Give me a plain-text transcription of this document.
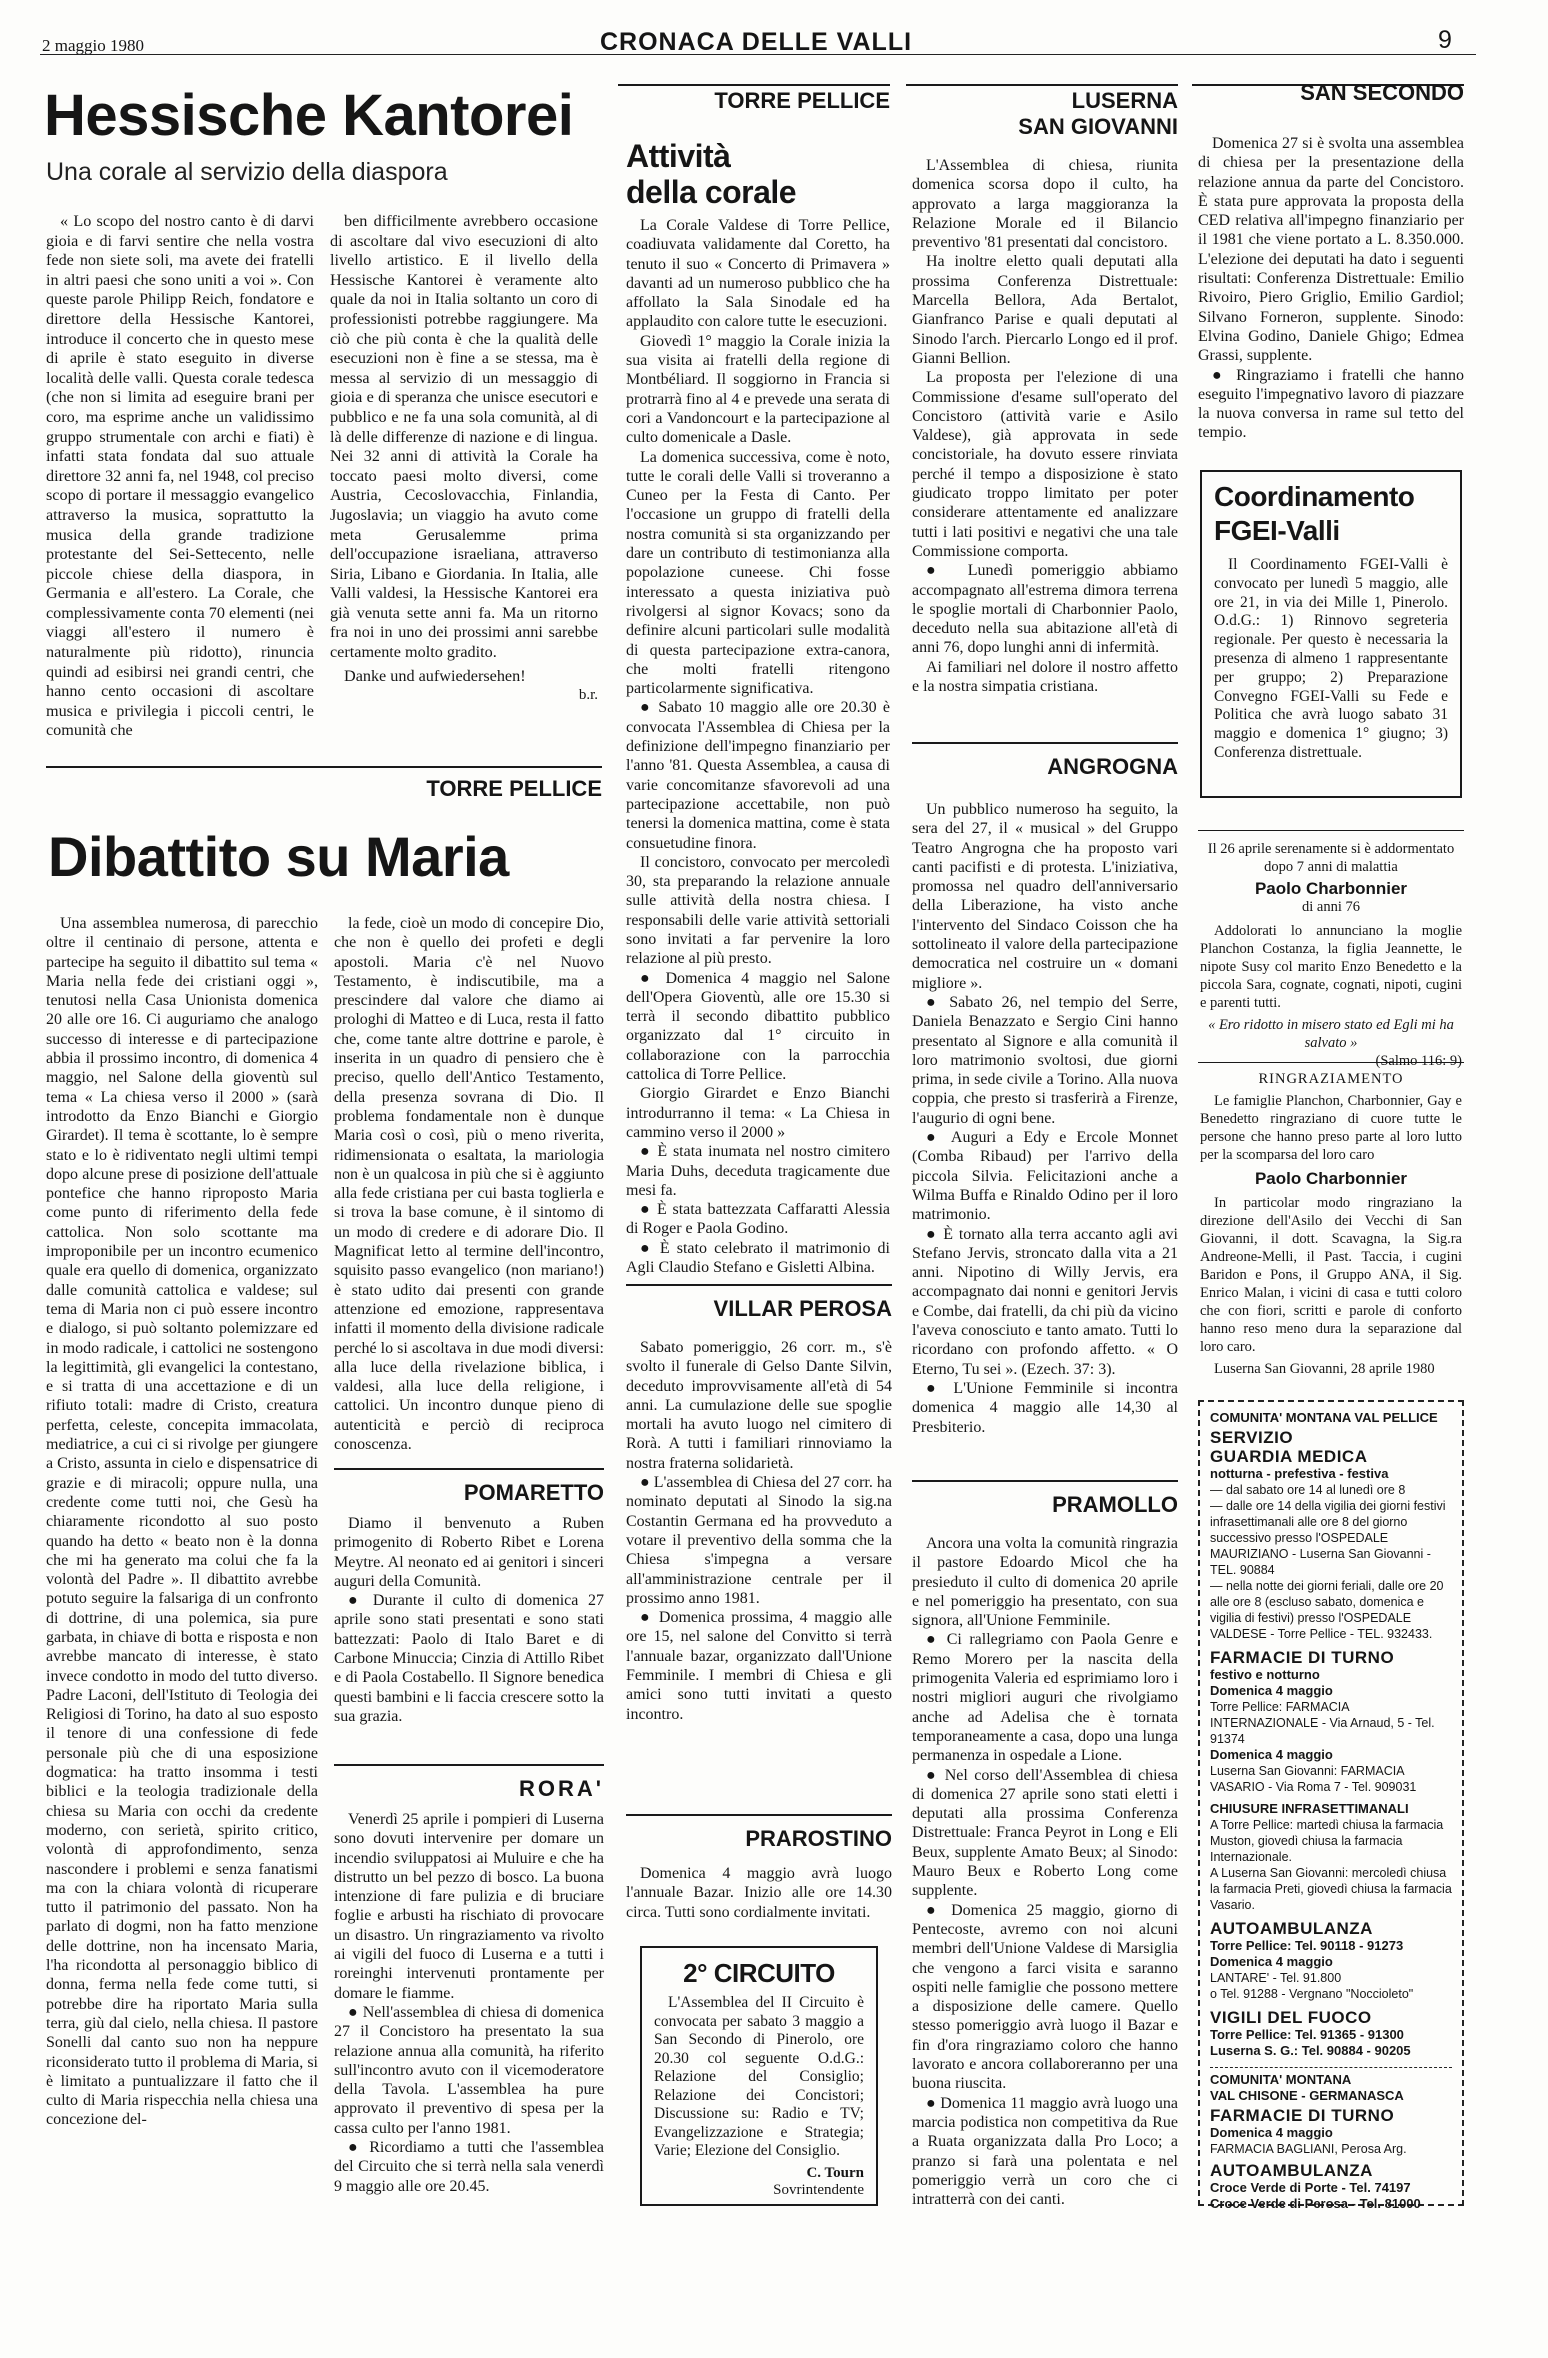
2 maggio 1980	CRONACA DELLE VALLI	9
Hessische Kantorei
Una corale al servizio della diaspora

« Lo scopo del nostro canto è di darvi gioia e di farvi sentire che nella vostra fede non siete soli, ma avete dei fratelli in altri paesi che sono uniti a voi ». Con queste parole Philipp Reich, fondatore e direttore della Hessische Kantorei, introduce il concerto che in questo mese di aprile è stato eseguito in diverse località delle valli. Questa corale tedesca (che non si limita ad eseguire brani per coro, ma esprime anche un validissimo gruppo strumentale con archi e fiati) è infatti stata fondata dal suo attuale direttore 32 anni fa, nel 1948, col preciso scopo di portare il messaggio evangelico attraverso la musica, soprattutto la musica della grande tradizione protestante del Sei-Settecento, nelle piccole chiese della diaspora, in Germania e all'estero. La Corale, che complessivamente conta 70 elementi (nei viaggi all'estero il numero è naturalmente più ridotto), rinuncia quindi ad esibirsi nei grandi centri, che hanno cento occasioni di ascoltare musica e privilegia i piccoli centri, le comunità che

ben difficilmente avrebbero occasione di ascoltare dal vivo esecuzioni di alto livello artistico. E il livello della Hessische Kantorei è veramente alto quale da noi in Italia soltanto un coro di professionisti potrebbe raggiungere. Ma ciò che più conta è che la qualità delle esecuzioni non è fine a se stessa, ma è messa al servizio di un messaggio di gioia e di speranza che unisce esecutori e pubblico e ne fa una sola comunità, al di là delle differenze di nazione e di lingua. Nei 32 anni di attività la Corale ha toccato paesi molto diversi, come Austria, Cecoslovacchia, Finlandia, Jugoslavia; un viaggio ha avuto come meta Gerusalemme prima dell'occupazione israeliana, attraverso Siria, Libano e Giordania. In Italia, alle Valli valdesi, la Hessische Kantorei era già venuta sette anni fa. Ma un ritorno fra noi in uno dei prossimi anni sarebbe certamente molto gradito.

Danke und aufwiedersehen!

b.r.
TORRE PELLICE
Dibattito su Maria

Una assemblea numerosa, di parecchio oltre il centinaio di persone, attenta e partecipe ha seguito il dibattito sul tema « Maria nella fede dei cristiani oggi », tenutosi nella Casa Unionista domenica 20 alle ore 16. Ci auguriamo che analogo successo di interesse e di partecipazione abbia il prossimo incontro, di domenica 4 maggio, nel Salone della gioventù sul tema « La chiesa verso il 2000 » (sarà introdotto da Enzo Bianchi e Giorgio Girardet). Il tema è scottante, lo è sempre stato e lo è ridiventato negli ultimi tempi dopo alcune prese di posizione dell'attuale pontefice che hanno riproposto Maria come punto di riferimento della fede cattolica. Non solo scottante ma improponibile per un incontro ecumenico quale era quello di domenica, organizzato dalle comunità cattolica e valdese; sul tema di Maria non ci può essere incontro e dialogo, si può soltanto polemizzare ed in modo radicale, i cattolici ne sostengono la legittimità, gli evangelici la contestano, e si tratta di una accettazione e di un rifiuto totali: madre di Cristo, creatura perfetta, celeste, concepita immacolata, mediatrice, a cui ci si rivolge per giungere a Cristo, assunta in cielo e dispensatrice di grazie e di miracoli; oppure nulla, una credente come tutti noi, che Gesù ha chiaramente ricondotto al suo posto quando ha detto « beato non è la donna che mi ha generato ma colui che fa la volontà del Padre ». Il dibattito avrebbe potuto seguire la falsariga di un confronto di dottrine, di una polemica, sia pure garbata, in chiave di botta e risposta e non avrebbe mancato di interesse, è stato invece condotto in modo del tutto diverso. Padre Laconi, dell'Istituto di Teologia dei Religiosi di Torino, ha dato al suo esposto il tenore di una confessione di fede personale più che di una esposizione dogmatica: ha tratto insomma i testi biblici e la teologia tradizionale della chiesa su Maria con occhi da credente moderno, con serietà, spirito critico, volontà di approfondimento, senza nascondere i problemi e senza fanatismi ma con la chiara volontà di ricuperare tutto il patrimonio del passato. Non ha parlato di dogmi, non ha fatto menzione delle dottrine, non ha incensato Maria, l'ha ricondotta al personaggio biblico di donna, ferma nella fede come tutti, si potrebbe dire ha riportato Maria sulla terra, giù dal cielo, nella chiesa. Il pastore Sonelli dal canto suo non ha neppure riconsiderato tutto il problema di Maria, si è limitato a puntualizzare il fatto che il culto di Maria rispecchia nella chiesa una concezione del-

la fede, cioè un modo di concepire Dio, che non è quello dei profeti e degli apostoli. Maria c'è nel Nuovo Testamento, è indiscutibile, ma a prescindere dal valore che diamo ai prologhi di Matteo e di Luca, resta il fatto che, come tante altre dottrine e parole, è inserita in un quadro di pensiero che è preciso, quello dell'Antico Testamento, della presenza sovrana di Dio. Il problema fondamentale non è dunque Maria così o così, più o meno riverita, ridimensionata o esaltata, la mariologia non è un qualcosa in più che si è aggiunto alla fede cristiana per cui basta toglierla e si trova la base comune, è il sintomo di un modo di credere e di adorare Dio. Il Magnificat letto al termine dell'incontro, squisito passo evangelico (non mariano!) è stato udito dai presenti con grande attenzione ed emozione, rappresentava infatti il momento della divisione radicale perché lo si ascoltava in due modi diversi: alla luce della rivelazione biblica, i valdesi, alla luce della religione, i cattolici. Un incontro dunque pieno di autenticità e perciò di reciproca conoscenza.

POMARETTO

Diamo il benvenuto a Ruben primogenito di Roberto Ribet e Lorena Meytre. Al neonato ed ai genitori i sinceri auguri della Comunità.

● Durante il culto di domenica 27 aprile sono stati presentati e sono stati battezzati: Paolo di Italo Baret e di Carbone Minuccia; Cinzia di Attillo Ribet e di Paola Costabello. Il Signore benedica questi bambini e li faccia crescere sotto la sua grazia.

RORA'

Venerdì 25 aprile i pompieri di Luserna sono dovuti intervenire per domare un incendio sviluppatosi ai Muluire e che ha distrutto un bel pezzo di bosco. La buona intenzione di fare pulizia e di bruciare foglie e arbusti ha rischiato di provocare un disastro. Un ringraziamento va rivolto ai vigili del fuoco di Luserna e a tutti i roreinghi intervenuti prontamente per domare le fiamme.

● Nell'assemblea di chiesa di domenica 27 il Concistoro ha presentato la sua relazione annua alla comunità, ha riferito sull'incontro avuto con il vicemoderatore della Tavola. L'assemblea ha pure approvato il preventivo di spesa per la cassa culto per l'anno 1981.

● Ricordiamo a tutti che l'assemblea del Circuito che si terrà nella sala venerdì 9 maggio alle ore 20.45.

TORRE PELLICE
Attività
della corale

La Corale Valdese di Torre Pellice, coadiuvata validamente dal Coretto, ha tenuto il suo « Concerto di Primavera » davanti ad un numeroso pubblico che ha affollato la Sala Sinodale ed ha applaudito con calore tutte le esecuzioni.

Giovedì 1° maggio la Corale inizia la sua visita ai fratelli della regione di Montbéliard. Il soggiorno in Francia si protrarrà fino al 4 e prevede una serata di cori a Vandoncourt e la partecipazione al culto domenicale a Dasle.

La domenica successiva, come è noto, tutte le corali delle Valli si troveranno a Cuneo per la Festa di Canto. Per l'occasione un gruppo di fratelli della nostra comunità si sta organizzando per dare un contributo di testimonianza alla popolazione cuneese. Chi fosse interessato a questa iniziativa può rivolgersi al signor Kovacs; sono da definire alcuni particolari sulle modalità di questa partecipazione extra-canora, che molti fratelli ritengono particolarmente significativa.

● Sabato 10 maggio alle ore 20.30 è convocata l'Assemblea di Chiesa per la definizione dell'impegno finanziario per l'anno '81. Questa Assemblea, a causa di varie concomitanze sfavorevoli ad una partecipazione accettabile, non può tenersi la domenica mattina, come è stata consuetudine finora.

Il concistoro, convocato per mercoledì 30, sta preparando la relazione annuale sulle attività della nostra chiesa. I responsabili delle varie attività settoriali sono invitati a far pervenire la loro relazione al più presto.

● Domenica 4 maggio nel Salone dell'Opera Gioventù, alle ore 15.30 si terrà il secondo dibattito pubblico organizzato dal 1° circuito in collaborazione con la parrocchia cattolica di Torre Pellice.

Giorgio Girardet e Enzo Bianchi introdurranno il tema: « La Chiesa in cammino verso il 2000 »

● È stata inumata nel nostro cimitero Maria Duhs, deceduta tragicamente due mesi fa.

● È stata battezzata Caffaratti Alessia di Roger e Paola Godino.

● È stato celebrato il matrimonio di Agli Claudio Stefano e Gisletti Albina.

VILLAR PEROSA

Sabato pomeriggio, 26 corr. m., s'è svolto il funerale di Gelso Dante Silvin, deceduto improvvisamente all'età di 54 anni. La cumulazione delle sue spoglie mortali ha avuto luogo nel cimitero di Rorà. A tutti i familiari rinnoviamo la nostra fraterna solidarietà.

● L'assemblea di Chiesa del 27 corr. ha nominato deputati al Sinodo la sig.na Costantin Germana ed ha provveduto a votare il preventivo della somma che la Chiesa s'impegna a versare all'amministrazione centrale per il prossimo anno 1981.

● Domenica prossima, 4 maggio alle ore 15, nel salone del Convitto si terrà l'annuale bazar, organizzato dall'Unione Femminile. I membri di Chiesa e gli amici sono tutti invitati a questo incontro.

PRAROSTINO

Domenica 4 maggio avrà luogo l'annuale Bazar. Inizio alle ore 14.30 circa. Tutti sono cordialmente invitati.

2° CIRCUITO

L'Assemblea del II Circuito è convocata per sabato 3 maggio a San Secondo di Pinerolo, ore 20.30 col seguente O.d.G.: Relazione del Consiglio; Relazione dei Concistori; Discussione su: Radio e TV; Evangelizzazione e Strategia; Varie; Elezione del Consiglio.

C. Tourn
Sovrintendente
LUSERNA
SAN GIOVANNI

L'Assemblea di chiesa, riunita domenica scorsa dopo il culto, ha approvato a larga maggioranza la Relazione Morale ed il Bilancio preventivo '81 presentati dal concistoro.

Ha inoltre eletto quali deputati alla prossima Conferenza Distrettuale: Marcella Bellora, Ada Bertalot, Gianfranco Parise e quali deputati al Sinodo l'arch. Piercarlo Longo ed il prof. Gianni Bellion.

La proposta per l'elezione di una Commissione d'esame sull'operato del Concistoro (attività varie e Asilo Valdese), già approvata in sede concistoriale, ha dovuto essere rinviata perché il tempo a disposizione è stato giudicato troppo limitato per poter considerare attentamente ed analizzare tutti i lati positivi e negativi che una tale Commissione comporta.

● Lunedì pomeriggio abbiamo accompagnato all'estrema dimora terrena le spoglie mortali di Charbonnier Paolo, deceduto nella sua abitazione all'età di anni 76, dopo lunghi anni di infermità.

Ai familiari nel dolore il nostro affetto e la nostra simpatia cristiana.

ANGROGNA

Un pubblico numeroso ha seguito, la sera del 27, il « musical » del Gruppo Teatro Angrogna che ha proposto vari canti pacifisti e di protesta. L'iniziativa, promossa nel quadro dell'anniversario della Liberazione, ha visto anche l'intervento del Sindaco Coisson che ha sottolineato il valore della partecipazione democratica nel costruire un « domani migliore ».

● Sabato 26, nel tempio del Serre, Daniela Benazzato e Sergio Cini hanno presentato al Signore e alla comunità il loro matrimonio svoltosi, due giorni prima, in sede civile a Torino. Alla nuova coppia, che presto si trasferirà a Firenze, l'augurio di ogni bene.

● Auguri a Edy e Ercole Monnet (Comba Ribaud) per l'arrivo della piccola Silvia. Felicitazioni anche a Wilma Buffa e Rinaldo Odino per il loro matrimonio.

● È tornato alla terra accanto agli avi Stefano Jervis, stroncato dalla vita a 21 anni. Nipotino di Willy Jervis, era accompagnato dai nonni e genitori Jervis e Combe, dai fratelli, da chi più da vicino l'aveva conosciuto e tanto amato. Tutti lo ricordano con profondo affetto. « O Eterno, Tu sei ». (Ezech. 37: 3).

● L'Unione Femminile si incontra domenica 4 maggio alle 14,30 al Presbiterio.

PRAMOLLO

Ancora una volta la comunità ringrazia il pastore Edoardo Micol che ha presieduto il culto di domenica 20 aprile e nel pomeriggio ha presentato, con sua signora, all'Unione Femminile.

● Ci rallegriamo con Paola Genre e Remo Morero per la nascita della primogenita Valeria ed esprimiamo loro i nostri migliori auguri che rivolgiamo anche ad Adelisa che è tornata temporaneamente a casa, dopo una lunga permanenza in ospedale a Lione.

● Nel corso dell'Assemblea di chiesa di domenica 27 aprile sono stati eletti i deputati alla prossima Conferenza Distrettuale: Franca Peyrot in Long e Eli Beux, supplente Amato Beux; al Sinodo: Mauro Beux e Roberto Long come supplente.

● Domenica 25 maggio, giorno di Pentecoste, avremo con noi alcuni membri dell'Unione Valdese di Marsiglia che vengono a farci visita e saranno ospiti nelle famiglie che possono mettere a disposizione delle camere. Quello stesso pomeriggio avrà luogo il Bazar e fin d'ora ringraziamo coloro che hanno lavorato e ancora collaboreranno per una buona riuscita.

● Domenica 11 maggio avrà luogo una marcia podistica non competitiva da Rue a Ruata organizzata dalla Pro Loco; a pranzo si farà una polentata e nel pomeriggio verrà un coro che ci intratterrà con dei canti.

SAN SECONDO

Domenica 27 si è svolta una assemblea di chiesa per la presentazione della relazione annua da parte del Concistoro. È stata pure approvata la proposta della CED relativa all'impegno finanziario per il 1981 che viene portato a L. 8.350.000. L'elezione dei deputati ha dato i seguenti risultati: Conferenza Distrettuale: Emilio Rivoiro, Piero Griglio, Emilio Gardiol; Silvano Forneron, supplente. Sinodo: Elvina Godino, Daniele Ghigo; Edmea Grassi, supplente.

● Ringraziamo i fratelli che hanno eseguito l'impegnativo lavoro di piazzare la nuova conversa in rame sul tetto del tempio.

Coordinamento
FGEI-Valli

Il Coordinamento FGEI-Valli è convocato per lunedì 5 maggio, alle ore 21, in via dei Mille 1, Pinerolo. O.d.G.: 1) Rinnovo segreteria regionale. Per questo è necessaria la presenza di almeno 1 rappresentante per gruppo; 2) Preparazione Convegno FGEI-Valli su Fede e Politica che avrà luogo sabato 31 maggio e domenica 1° giugno; 3) Conferenza distrettuale.

Il 26 aprile serenamente si è addormentato dopo 7 anni di malattia
Paolo Charbonnier
di anni 76

Addolorati lo annunciano la moglie Planchon Costanza, la figlia Jeannette, le nipote Susy col marito Enzo Benedetto e la piccola Sara, cognate, cognati, nipoti, cugini e parenti tutti.

« Ero ridotto in misero stato ed Egli mi ha salvato »
(Salmo 116: 9)
RINGRAZIAMENTO

Le famiglie Planchon, Charbonnier, Gay e Benedetto ringraziano di cuore tutte le persone che hanno preso parte al loro lutto per la scomparsa del loro caro

Paolo Charbonnier

In particolar modo ringraziano la direzione dell'Asilo dei Vecchi di San Giovanni, il dott. Scavagna, la Sig.ra Andreone-Melli, il Past. Taccia, i cugini Baridon e Pons, il Gruppo ANA, il Sig. Enrico Malan, i vicini di casa e tutti coloro che con fiori, scritti e parole di conforto hanno reso meno dura la separazione dal loro caro.

Luserna San Giovanni, 28 aprile 1980
COMUNITA' MONTANA VAL PELLICE
SERVIZIO
GUARDIA MEDICA
notturna - prefestiva - festiva
— dal sabato ore 14 al lunedì ore 8
— dalle ore 14 della vigilia dei giorni festivi infrasettimanali alle ore 8 del giorno successivo presso l'OSPEDALE MAURIZIANO - Luserna San Giovanni - TEL. 90884
— nella notte dei giorni feriali, dalle ore 20 alle ore 8 (escluso sabato, domenica e vigilia di festivi) presso l'OSPEDALE VALDESE - Torre Pellice - TEL. 932433.
FARMACIE DI TURNO
festivo e notturno
Domenica 4 maggio
Torre Pellice: FARMACIA INTERNAZIONALE - Via Arnaud, 5 - Tel. 91374
Domenica 4 maggio
Luserna San Giovanni: FARMACIA VASARIO - Via Roma 7 - Tel. 909031
CHIUSURE INFRASETTIMANALI
A Torre Pellice: martedì chiusa la farmacia Muston, giovedì chiusa la farmacia Internazionale.
A Luserna San Giovanni: mercoledì chiusa la farmacia Preti, giovedì chiusa la farmacia Vasario.
AUTOAMBULANZA
Torre Pellice: Tel. 90118 - 91273
Domenica 4 maggio
LANTARE' - Tel. 91.800
o Tel. 91288 - Vergnano "Noccioleto"
VIGILI DEL FUOCO
Torre Pellice: Tel. 91365 - 91300
Luserna S. G.: Tel. 90884 - 90205
COMUNITA' MONTANA
VAL CHISONE - GERMANASCA
FARMACIE DI TURNO
Domenica 4 maggio
FARMACIA BAGLIANI, Perosa Arg.
AUTOAMBULANZA
Croce Verde di Porte - Tel. 74197
Croce Verde di Perosa - Tel. 81000
